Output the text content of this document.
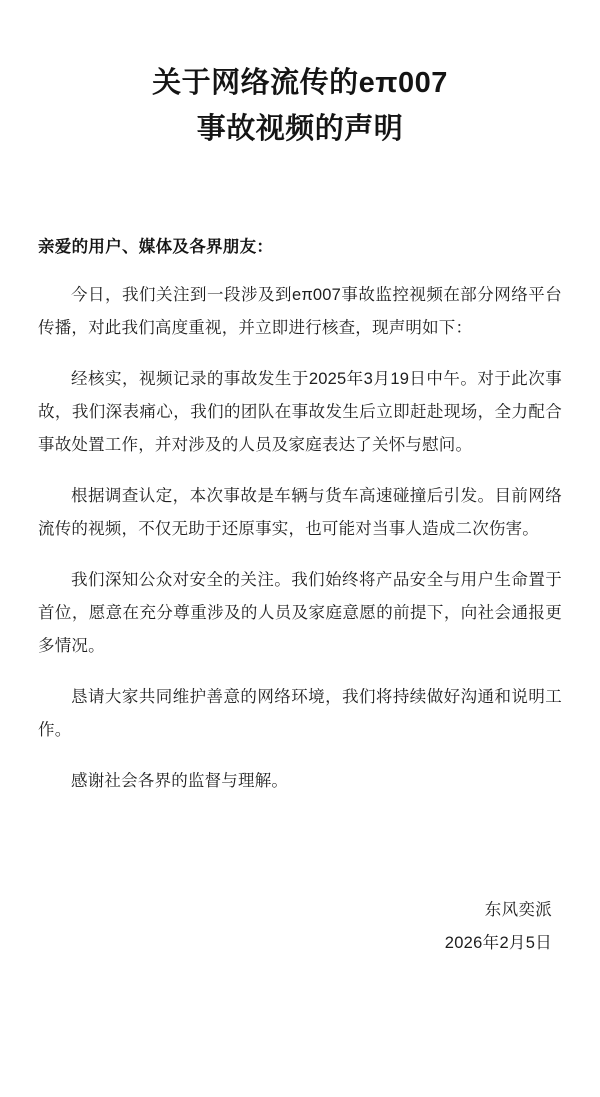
关于网络流传的eπ007
事故视频的声明
亲爱的用户、媒体及各界朋友：

今日，我们关注到一段涉及到eπ007事故监控视频在部分网络平台传播，对此我们高度重视，并立即进行核查，现声明如下：

经核实，视频记录的事故发生于2025年3月19日中午。对于此次事故，我们深表痛心，我们的团队在事故发生后立即赶赴现场，全力配合事故处置工作，并对涉及的人员及家庭表达了关怀与慰问。

根据调查认定，本次事故是车辆与货车高速碰撞后引发。目前网络流传的视频，不仅无助于还原事实，也可能对当事人造成二次伤害。

我们深知公众对安全的关注。我们始终将产品安全与用户生命置于首位，愿意在充分尊重涉及的人员及家庭意愿的前提下，向社会通报更多情况。

恳请大家共同维护善意的网络环境，我们将持续做好沟通和说明工作。

感谢社会各界的监督与理解。

东风奕派
2026年2月5日
